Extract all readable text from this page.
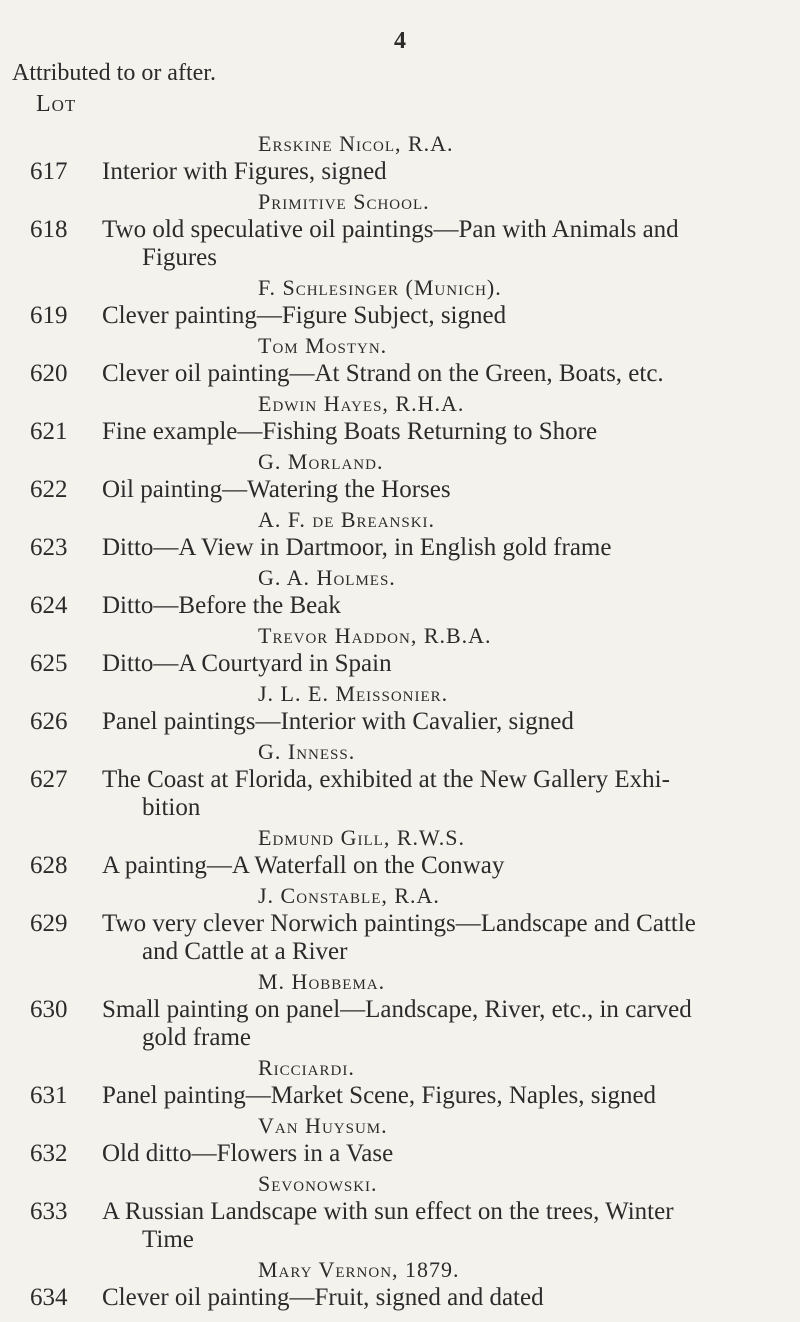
4
Attributed to or after.
Lot
Erskine Nicol, R.A.
617	Interior with Figures, signed
Primitive School.
618	Two old speculative oil paintings—Pan with Animals and
Figures
F. Schlesinger (Munich).
619	Clever painting—Figure Subject, signed
Tom Mostyn.
620	Clever oil painting—At Strand on the Green, Boats, etc.
Edwin Hayes, R.H.A.
621	Fine example—Fishing Boats Returning to Shore
G. Morland.
622	Oil painting—Watering the Horses
A. F. de Breanski.
623	Ditto—A View in Dartmoor, in English gold frame
G. A. Holmes.
624	Ditto—Before the Beak
Trevor Haddon, R.B.A.
625	Ditto—A Courtyard in Spain
J. L. E. Meissonier.
626	Panel paintings—Interior with Cavalier, signed
G. Inness.
627	The Coast at Florida, exhibited at the New Gallery Exhi-
bition
Edmund Gill, R.W.S.
628	A painting—A Waterfall on the Conway
J. Constable, R.A.
629	Two very clever Norwich paintings—Landscape and Cattle
and Cattle at a River
M. Hobbema.
630	Small painting on panel—Landscape, River, etc., in carved
gold frame
Ricciardi.
631	Panel painting—Market Scene, Figures, Naples, signed
Van Huysum.
632	Old ditto—Flowers in a Vase
Sevonowski.
633	A Russian Landscape with sun effect on the trees, Winter
Time
Mary Vernon, 1879.
634	Clever oil painting—Fruit, signed and dated
